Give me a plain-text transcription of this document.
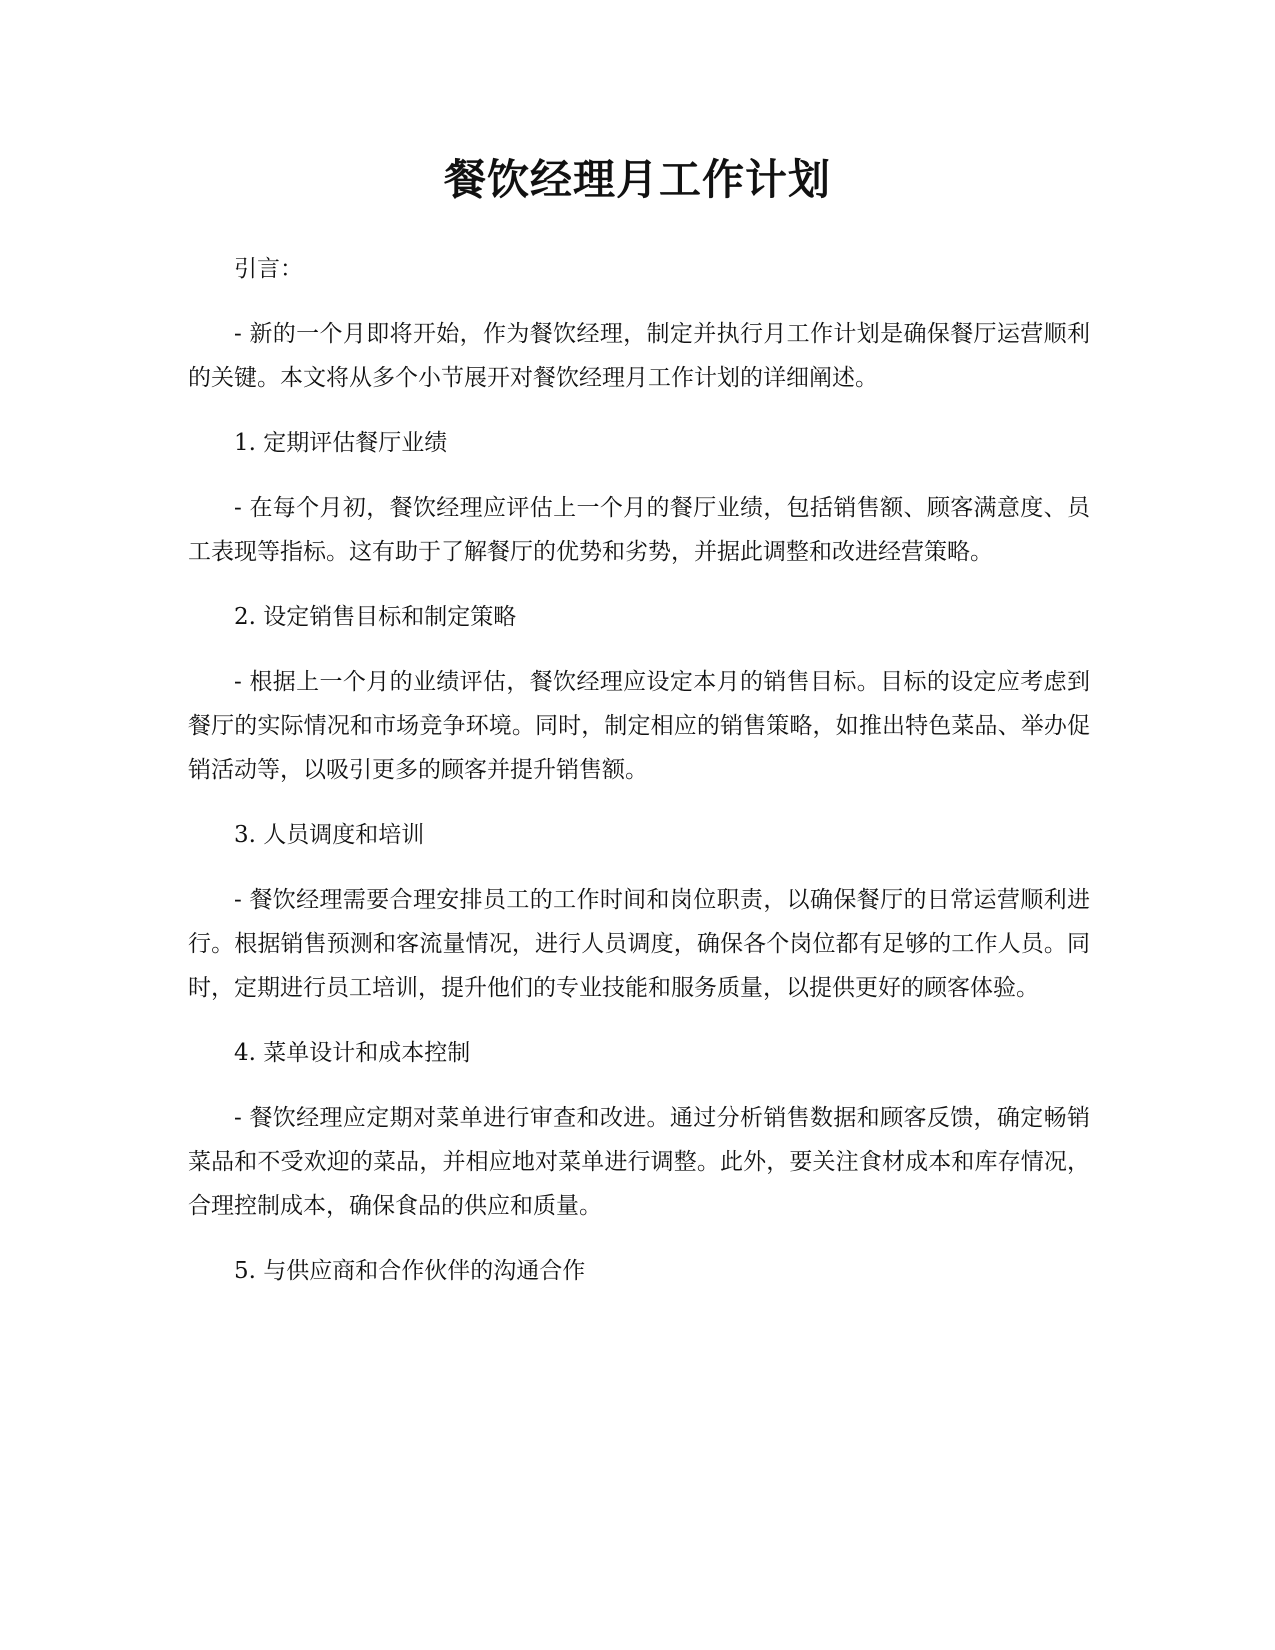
餐饮经理月工作计划

引言：

- 新的一个月即将开始，作为餐饮经理，制定并执行月工作计划是确保餐厅运营顺利的关键。本文将从多个小节展开对餐饮经理月工作计划的详细阐述。

1. 定期评估餐厅业绩

- 在每个月初，餐饮经理应评估上一个月的餐厅业绩，包括销售额、顾客满意度、员工表现等指标。这有助于了解餐厅的优势和劣势，并据此调整和改进经营策略。

2. 设定销售目标和制定策略

- 根据上一个月的业绩评估，餐饮经理应设定本月的销售目标。目标的设定应考虑到餐厅的实际情况和市场竞争环境。同时，制定相应的销售策略，如推出特色菜品、举办促销活动等，以吸引更多的顾客并提升销售额。

3. 人员调度和培训

- 餐饮经理需要合理安排员工的工作时间和岗位职责，以确保餐厅的日常运营顺利进行。根据销售预测和客流量情况，进行人员调度，确保各个岗位都有足够的工作人员。同时，定期进行员工培训，提升他们的专业技能和服务质量，以提供更好的顾客体验。

4. 菜单设计和成本控制

- 餐饮经理应定期对菜单进行审查和改进。通过分析销售数据和顾客反馈，确定畅销菜品和不受欢迎的菜品，并相应地对菜单进行调整。此外，要关注食材成本和库存情况，合理控制成本，确保食品的供应和质量。

5. 与供应商和合作伙伴的沟通合作
